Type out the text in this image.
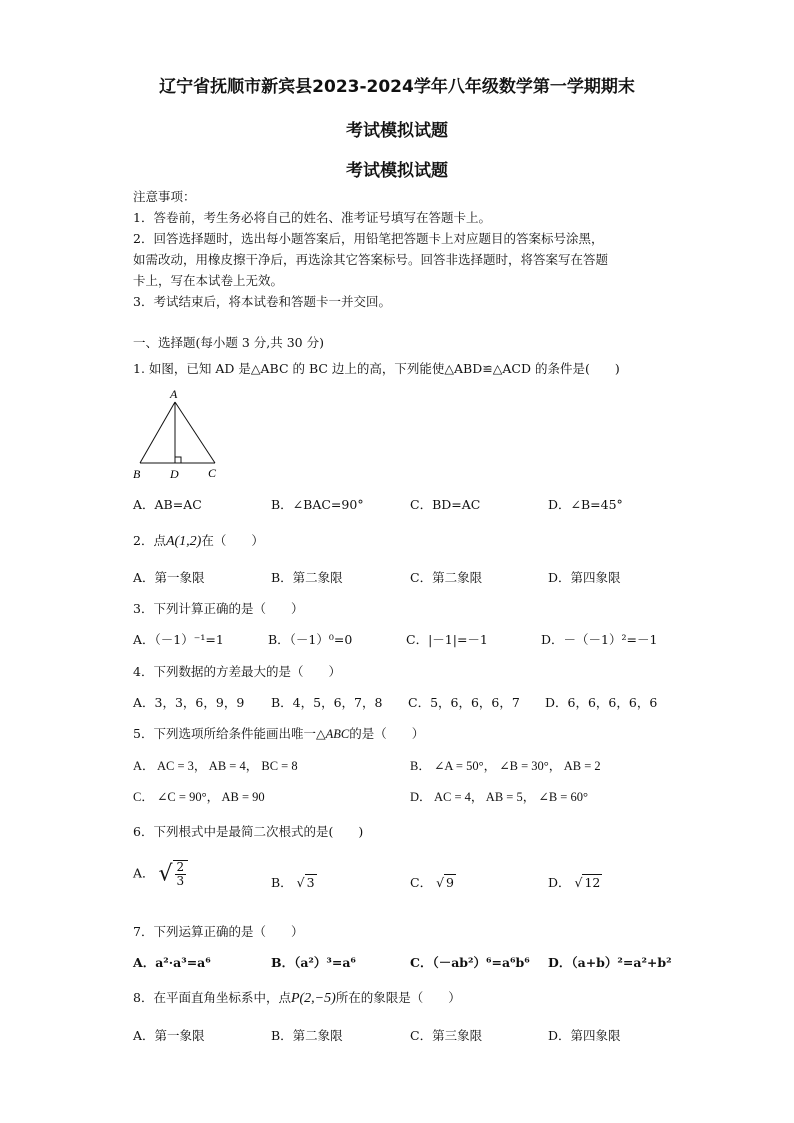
辽宁省抚顺市新宾县2023-2024学年八年级数学第一学期期末
考试模拟试题
考试模拟试题
注意事项：
1．答卷前，考生务必将自己的姓名、准考证号填写在答题卡上。
2．回答选择题时，选出每小题答案后，用铅笔把答题卡上对应题目的答案标号涂黑，
如需改动，用橡皮擦干净后，再选涂其它答案标号。回答非选择题时，将答案写在答题
卡上，写在本试卷上无效。
3．考试结束后，将本试卷和答题卡一并交回。
一、选择题(每小题 3 分,共 30 分)
1. 如图，已知 AD 是△ABC 的 BC 边上的高，下列能使△ABD≌△ACD 的条件是(　　)
A
B D C
A．AB=AC	B．∠BAC=90°	C．BD=AC	D．∠B=45°
2．点A(1,2)在（　　）
A．第一象限	B．第二象限	C．第二象限	D．第四象限
3．下列计算正确的是（　　）
A．（－1）⁻¹=1	B．（－1）⁰=0	C．|－1|=－1	D．－（－1）²=－1
4．下列数据的方差最大的是（　　）
A．3，3，6，9，9 B．4，5，6，7，8 C．5，6，6，6，7 D．6，6，6，6，6
5．下列选项所给条件能画出唯一△ABC的是（　　）
A． AC = 3， AB = 4， BC = 8	B． ∠A = 50°， ∠B = 30°， AB = 2
C． ∠C = 90°， AB = 90	D． AC = 4， AB = 5， ∠B = 60°
6．下列根式中是最简二次根式的是(　　)
A． √ $\frac{2}{3}$	B． √ 3	C． √ 9	D． √ 12
7．下列运算正确的是（　　）
A．a²·a³=a⁶	B．（a²）³=a⁶	C．（－ab²）⁶=a⁶b⁶ D．（a+b）²=a²+b²
8．在平面直角坐标系中，点P(2,−5)所在的象限是（　　）
A．第一象限	B．第二象限	C．第三象限	D．第四象限
